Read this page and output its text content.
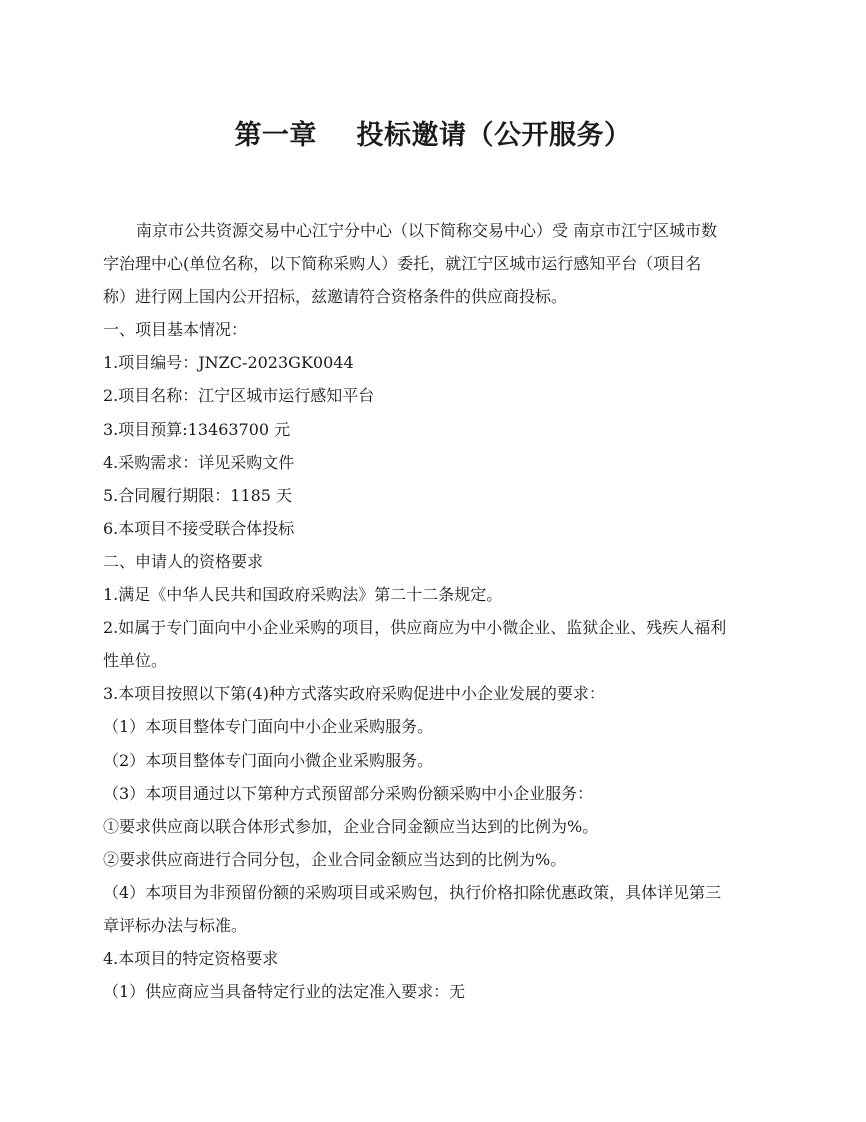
第一章    投标邀请（公开服务）

南京市公共资源交易中心江宁分中心（以下简称交易中心）受 南京市江宁区城市数

字治理中心(单位名称，以下简称采购人）委托，就江宁区城市运行感知平台（项目名

称）进行网上国内公开招标，兹邀请符合资格条件的供应商投标。

一、项目基本情况：

1.项目编号：JNZC-2023GK0044

2.项目名称：江宁区城市运行感知平台

3.项目预算:13463700 元

4.采购需求：详见采购文件

5.合同履行期限：1185 天

6.本项目不接受联合体投标

二、申请人的资格要求

1.满足《中华人民共和国政府采购法》第二十二条规定。

2.如属于专门面向中小企业采购的项目，供应商应为中小微企业、监狱企业、残疾人福利

性单位。

3.本项目按照以下第(4)种方式落实政府采购促进中小企业发展的要求：

（1）本项目整体专门面向中小企业采购服务。

（2）本项目整体专门面向小微企业采购服务。

（3）本项目通过以下第种方式预留部分采购份额采购中小企业服务：

①要求供应商以联合体形式参加，企业合同金额应当达到的比例为%。

②要求供应商进行合同分包，企业合同金额应当达到的比例为%。

（4）本项目为非预留份额的采购项目或采购包，执行价格扣除优惠政策，具体详见第三

章评标办法与标准。

4.本项目的特定资格要求

（1）供应商应当具备特定行业的法定准入要求：无
